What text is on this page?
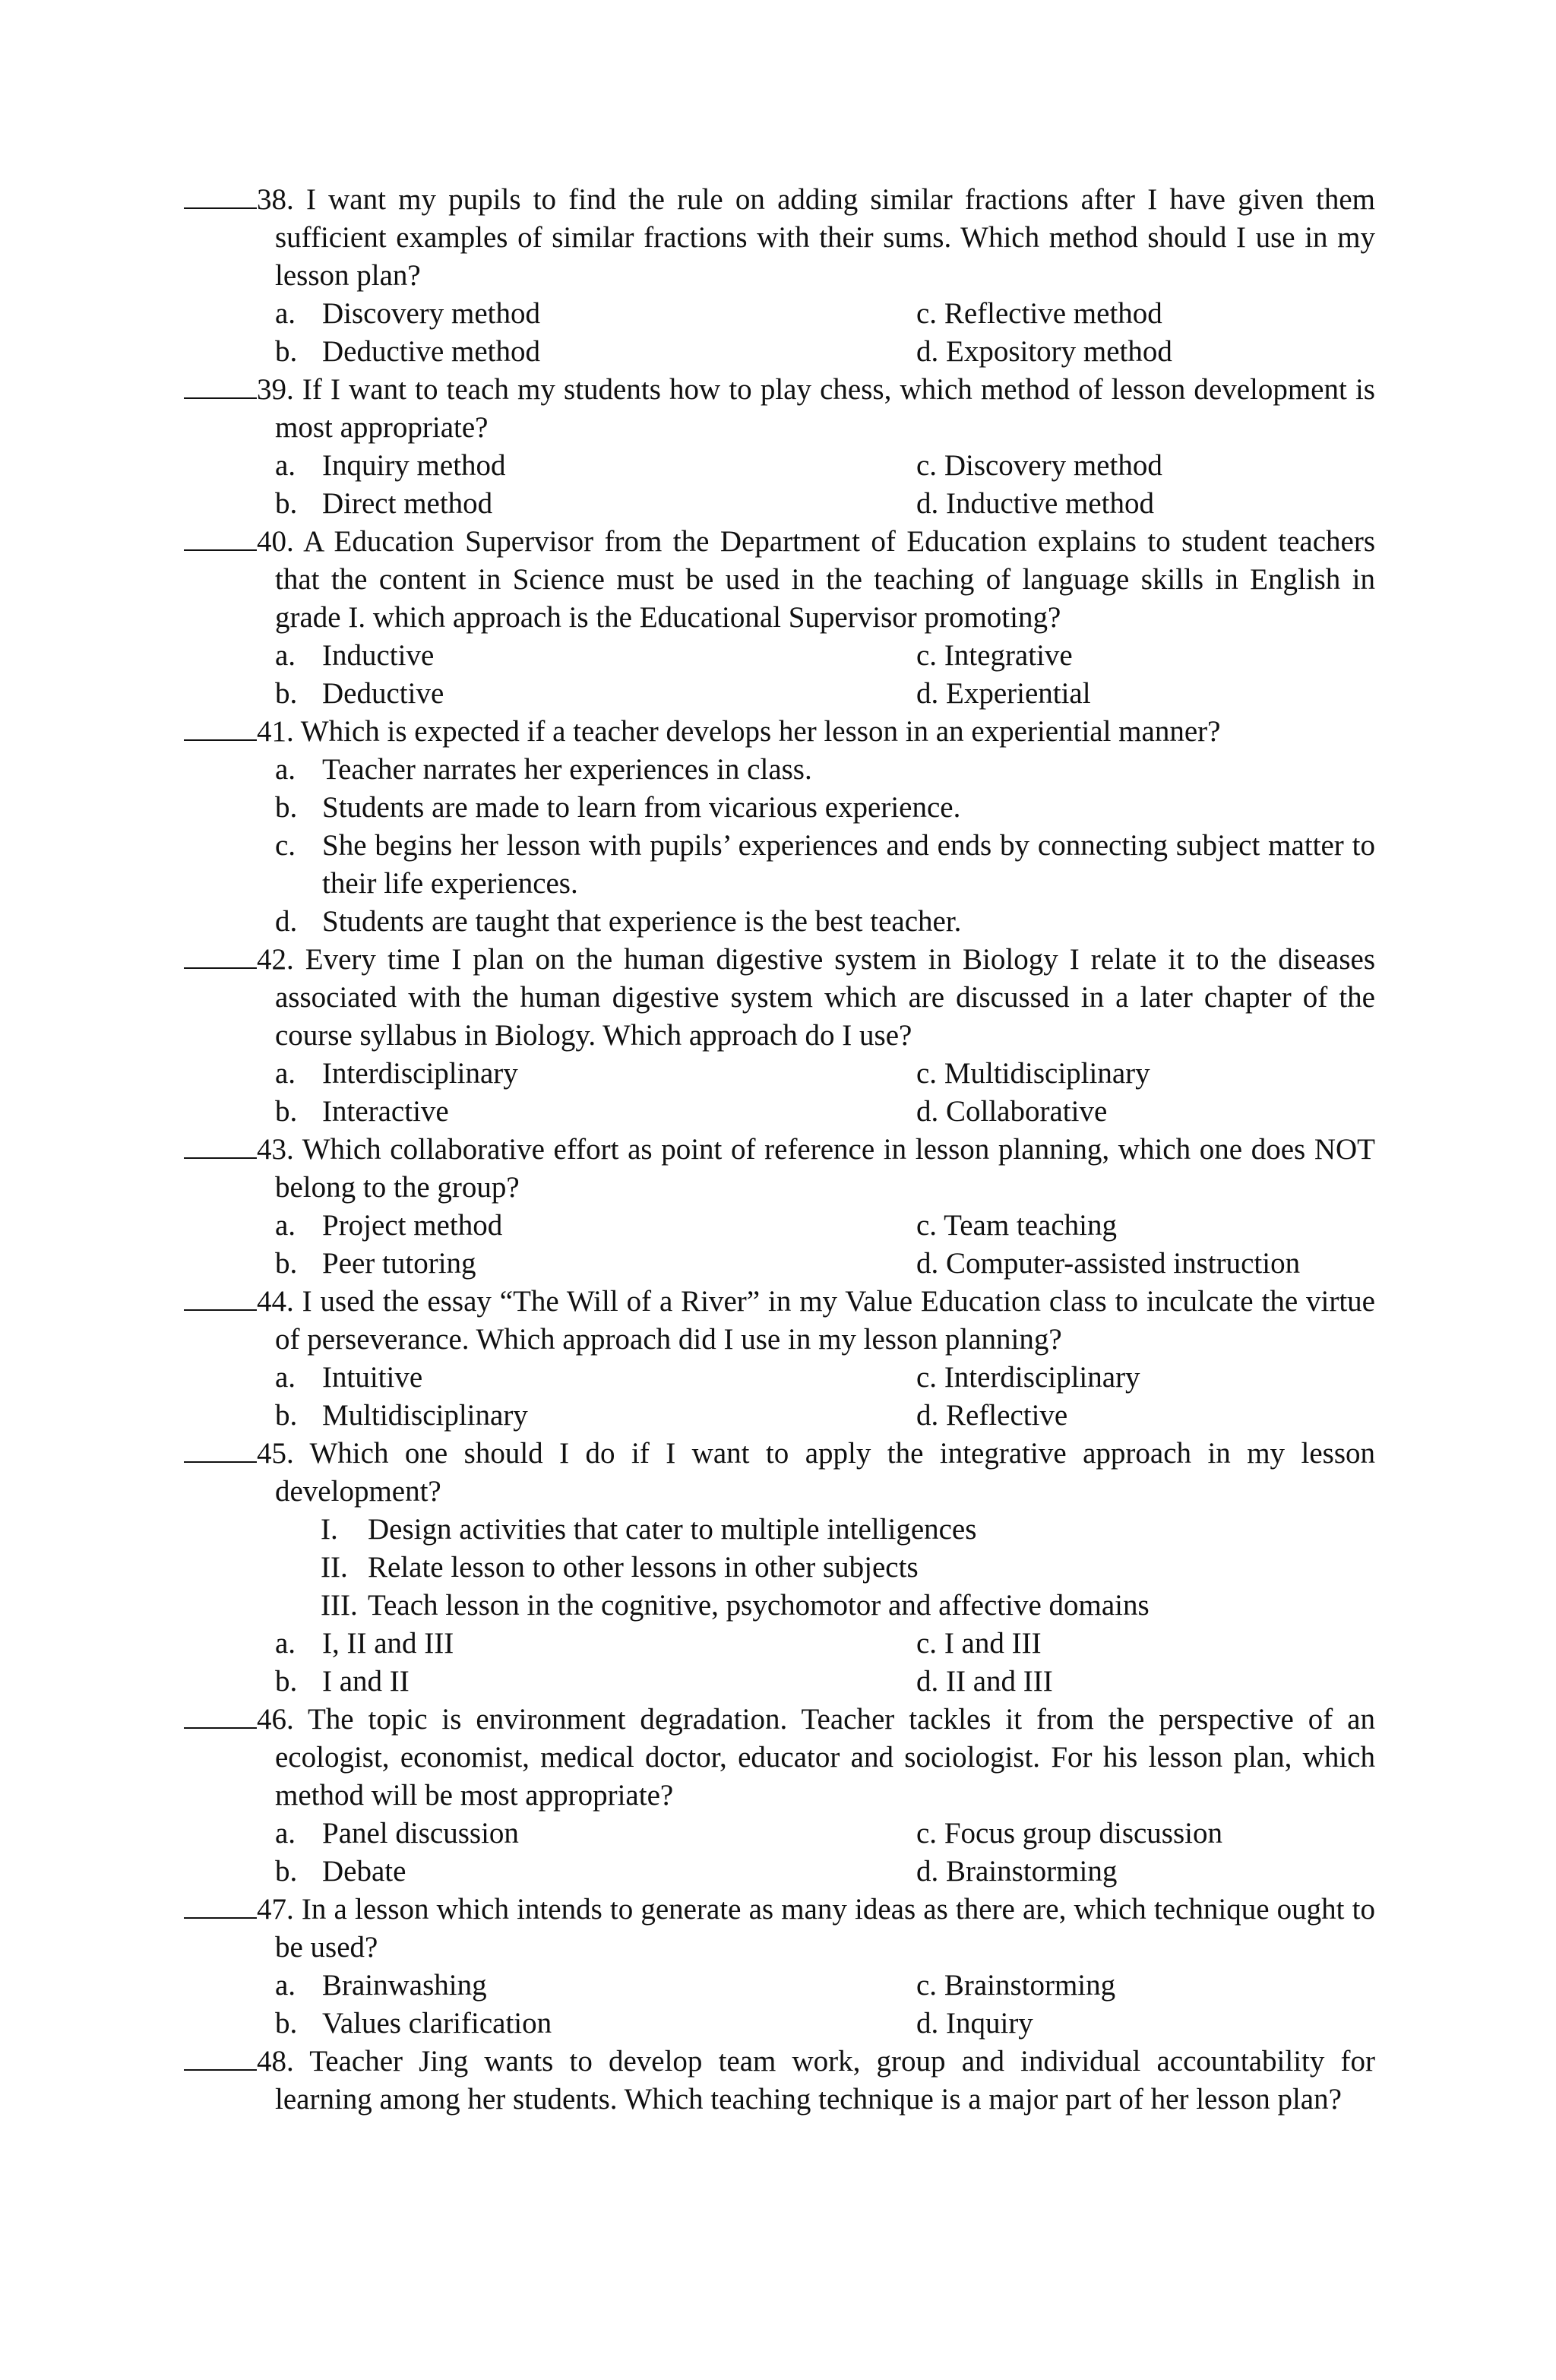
38. I want my pupils to find the rule on adding similar fractions after I have given them sufficient examples of similar fractions with their sums. Which method should I use in my lesson plan?

a. Discovery method	c. Reflective method
b. Deductive method	d. Expository method

39. If I want to teach my students how to play chess, which method of lesson development is most appropriate?

a. Inquiry method	c. Discovery method
b. Direct method	d. Inductive method

40. A Education Supervisor from the Department of Education explains to student teachers that the content in Science must be used in the teaching of language skills in English in grade I. which approach is the Educational Supervisor promoting?

a. Inductive	c. Integrative
b. Deductive	d. Experiential

41. Which is expected if a teacher develops her lesson in an experiential manner?

a. Teacher narrates her experiences in class.
b. Students are made to learn from vicarious experience.
c. She begins her lesson with pupils’ experiences and ends by connecting subject matter to their life experiences.
d. Students are taught that experience is the best teacher.

42. Every time I plan on the human digestive system in Biology I relate it to the diseases associated with the human digestive system which are discussed in a later chapter of the course syllabus in Biology. Which approach do I use?

a. Interdisciplinary	c. Multidisciplinary
b. Interactive	d. Collaborative

43. Which collaborative effort as point of reference in lesson planning, which one does NOT belong to the group?

a. Project method	c. Team teaching
b. Peer tutoring	d. Computer-assisted instruction

44. I used the essay “The Will of a River” in my Value Education class to inculcate the virtue of perseverance. Which approach did I use in my lesson planning?

a. Intuitive	c. Interdisciplinary
b. Multidisciplinary	d. Reflective

45. Which one should I do if I want to apply the integrative approach in my lesson development?

I.	Design activities that cater to multiple intelligences
II. Relate lesson to other lessons in other subjects
III. Teach lesson in the cognitive, psychomotor and affective domains
a. I, II and III	c. I and III
b. I and II	d. II and III

46. The topic is environment degradation. Teacher tackles it from the perspective of an ecologist, economist, medical doctor, educator and sociologist. For his lesson plan, which method will be most appropriate?

a. Panel discussion	c. Focus group discussion
b. Debate	d. Brainstorming

47. In a lesson which intends to generate as many ideas as there are, which technique ought to be used?

a. Brainwashing	c. Brainstorming
b. Values clarification	d. Inquiry

48. Teacher Jing wants to develop team work, group and individual accountability for learning among her students. Which teaching technique is a major part of her lesson plan?
